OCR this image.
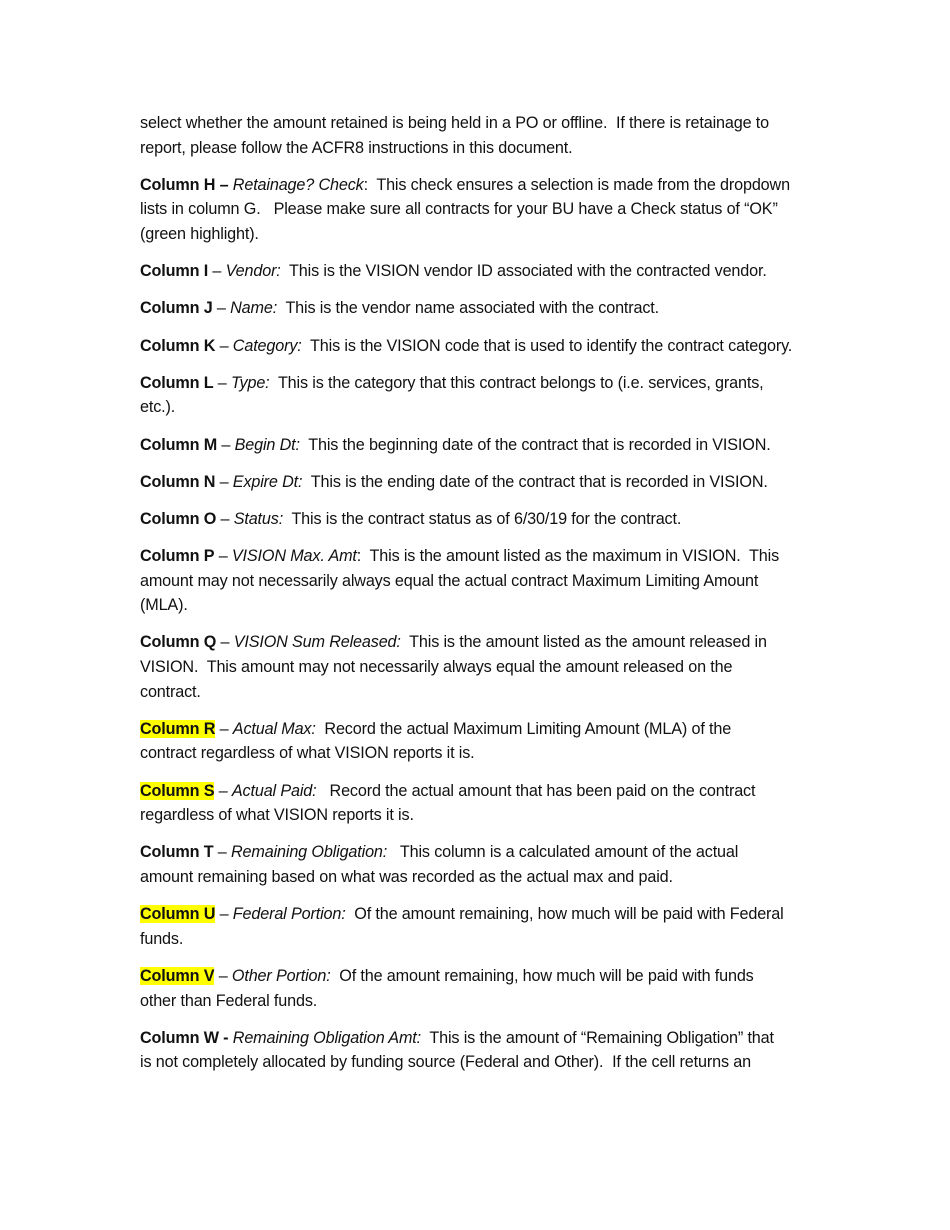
select whether the amount retained is being held in a PO or offline.  If there is retainage to
report, please follow the ACFR8 instructions in this document.

Column H – Retainage? Check:  This check ensures a selection is made from the dropdown
lists in column G.   Please make sure all contracts for your BU have a Check status of “OK”
(green highlight).

Column I – Vendor:  This is the VISION vendor ID associated with the contracted vendor.

Column J – Name:  This is the vendor name associated with the contract.

Column K – Category:  This is the VISION code that is used to identify the contract category.

Column L – Type:  This is the category that this contract belongs to (i.e. services, grants,
etc.).

Column M – Begin Dt:  This the beginning date of the contract that is recorded in VISION.

Column N – Expire Dt:  This is the ending date of the contract that is recorded in VISION.

Column O – Status:  This is the contract status as of 6/30/19 for the contract.

Column P – VISION Max. Amt:  This is the amount listed as the maximum in VISION.  This
amount may not necessarily always equal the actual contract Maximum Limiting Amount
(MLA).

Column Q – VISION Sum Released:  This is the amount listed as the amount released in
VISION.  This amount may not necessarily always equal the amount released on the
contract.

Column R – Actual Max:  Record the actual Maximum Limiting Amount (MLA) of the
contract regardless of what VISION reports it is.

Column S – Actual Paid:   Record the actual amount that has been paid on the contract
regardless of what VISION reports it is.

Column T – Remaining Obligation:   This column is a calculated amount of the actual
amount remaining based on what was recorded as the actual max and paid.

Column U – Federal Portion:  Of the amount remaining, how much will be paid with Federal
funds.

Column V – Other Portion:  Of the amount remaining, how much will be paid with funds
other than Federal funds.

Column W - Remaining Obligation Amt:  This is the amount of “Remaining Obligation” that
is not completely allocated by funding source (Federal and Other).  If the cell returns an
